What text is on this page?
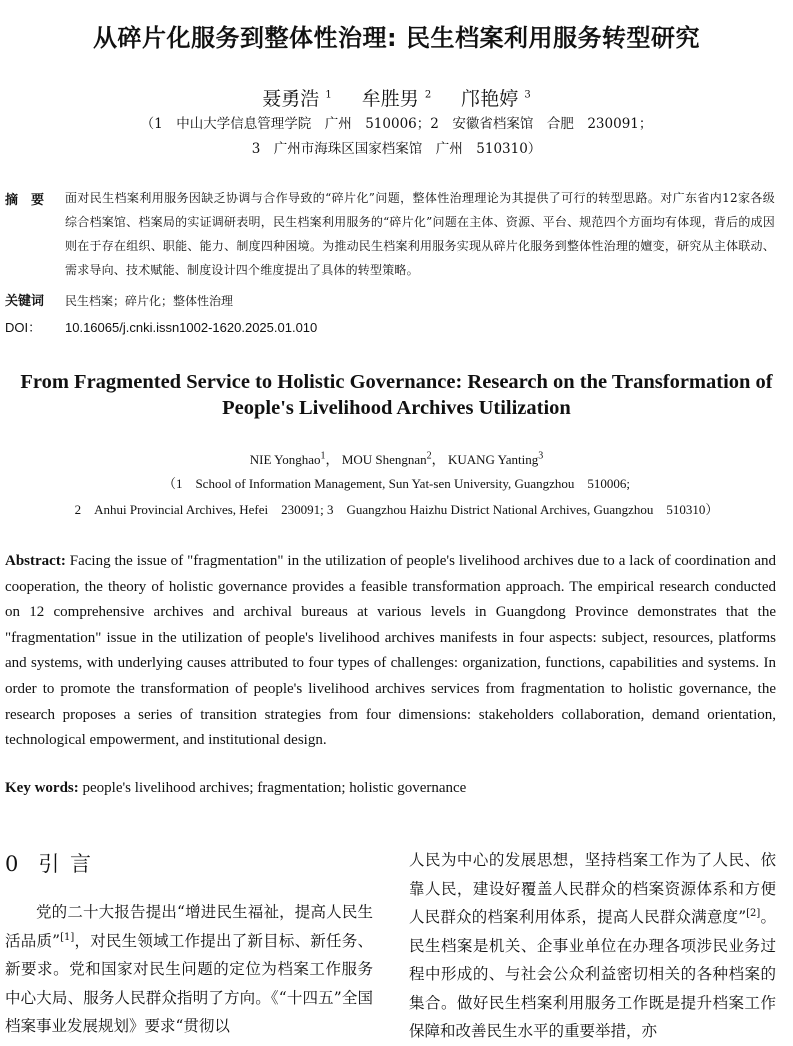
从碎片化服务到整体性治理: 民生档案利用服务转型研究
聂勇浩 $^1$ 牟胜男 $^2$ 邝艳婷 $^3$
（1　中山大学信息管理学院　广州　510006；2　安徽省档案馆　合肥　230091；
3　广州市海珠区国家档案馆　广州　510310）
摘　要 面对民生档案利用服务因缺乏协调与合作导致的“碎片化”问题，整体性治理理论为其提供了可行的转型思路。对广东省内12家各级综合档案馆、档案局的实证调研表明，民生档案利用服务的“碎片化”问题在主体、资源、平台、规范四个方面均有体现，背后的成因则在于存在组织、职能、能力、制度四种困境。为推动民生档案利用服务实现从碎片化服务到整体性治理的嬗变，研究从主体联动、需求导向、技术赋能、制度设计四个维度提出了具体的转型策略。
关键词 民生档案；碎片化；整体性治理
DOI： 10.16065/j.cnki.issn1002-1620.2025.01.010
From Fragmented Service to Holistic Governance: Research on the Transformation of People's Livelihood Archives Utilization
NIE Yonghao$^1$， MOU Shengnan$^2$， KUANG Yanting$^3$
（1　School of Information Management, Sun Yat-sen University, Guangzhou　510006;
2　Anhui Provincial Archives, Hefei　230091; 3　Guangzhou Haizhu District National Archives, Guangzhou　510310）
Abstract: Facing the issue of "fragmentation" in the utilization of people's livelihood archives due to a lack of coordination and cooperation, the theory of holistic governance provides a feasible transformation approach. The empirical research conducted on 12 comprehensive archives and archival bureaus at various levels in Guangdong Province demonstrates that the "fragmentation" issue in the utilization of people's livelihood archives manifests in four aspects: subject, resources, platforms and systems, with underlying causes attributed to four types of challenges: organization, functions, capabilities and systems. In order to promote the transformation of people's livelihood archives services from fragmentation to holistic governance, the research proposes a series of transition strategies from four dimensions: stakeholders collaboration, demand orientation, technological empowerment, and institutional design.
Key words: people's livelihood archives; fragmentation; holistic governance
0 引 言
党的二十大报告提出“增进民生福祉，提高人民生活品质”[1]，对民生领域工作提出了新目标、新任务、新要求。党和国家对民生问题的定位为档案工作服务中心大局、服务人民群众指明了方向。《“十四五”全国档案事业发展规划》要求“贯彻以
人民为中心的发展思想，坚持档案工作为了人民、依靠人民，建设好覆盖人民群众的档案资源体系和方便人民群众的档案利用体系，提高人民群众满意度”[2]。民生档案是机关、企事业单位在办理各项涉民业务过程中形成的、与社会公众利益密切相关的各种档案的集合。做好民生档案利用服务工作既是提升档案工作保障和改善民生水平的重要举措，亦
